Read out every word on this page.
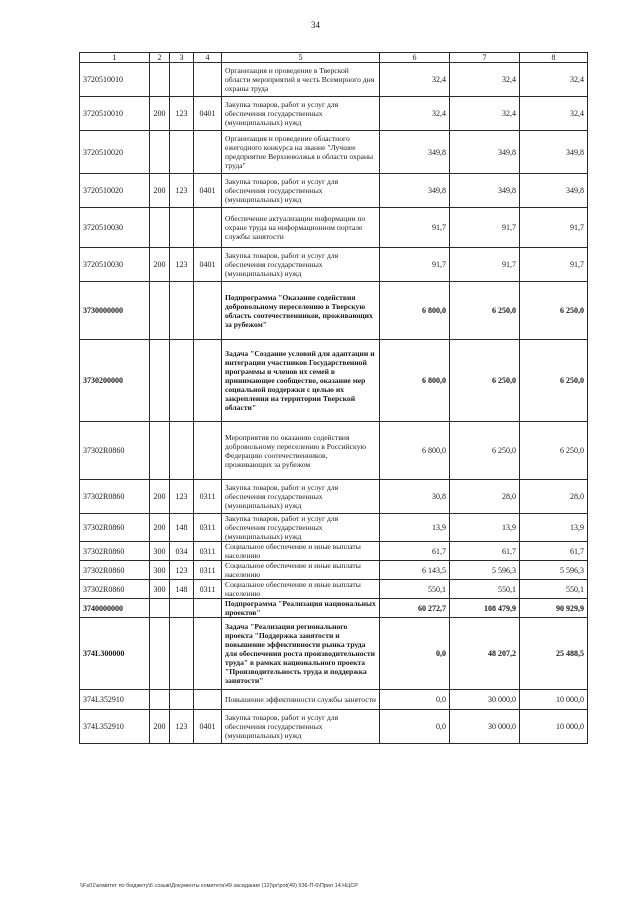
34
1	2	3	4	5	6	7	8
3720510010				Организация и проведение в Тверской области мероприятий в честь Всемирного дня охраны труда	32,4	32,4	32,4
3720510010	200	123	0401	Закупка товаров, работ и услуг для обеспечения государственных (муниципальных) нужд	32,4	32,4	32,4
3720510020				Организация и проведение областного ежегодного конкурса на звание "Лучшее предприятие Верхневолжья в области охраны труда"	349,8	349,8	349,8
3720510020	200	123	0401	Закупка товаров, работ и услуг для обеспечения государственных (муниципальных) нужд	349,8	349,8	349,8
3720510030				Обеспечение актуализации информации по охране труда на информационном портале службы занятости	91,7	91,7	91,7
3720510030	200	123	0401	Закупка товаров, работ и услуг для обеспечения государственных (муниципальных) нужд	91,7	91,7	91,7
3730000000				Подпрограмма "Оказание содействия добровольному переселению в Тверскую область соотечественников, проживающих за рубежом"	6 800,0	6 250,0	6 250,0
3730200000				Задача "Создание условий для адаптации и интеграции участников Государственной программы и членов их семей в принимающее сообщество, оказание мер социальной поддержки с целью их закрепления на территории Тверской области"	6 800,0	6 250,0	6 250,0
37302R0860				Мероприятия по оказанию содействия добровольному переселению в Российскую Федерацию соотечественников, проживающих за рубежом	6 800,0	6 250,0	6 250,0
37302R0860	200	123	0311	Закупка товаров, работ и услуг для обеспечения государственных (муниципальных) нужд	30,8	28,0	28,0
37302R0860	200	148	0311	Закупка товаров, работ и услуг для обеспечения государственных (муниципальных) нужд	13,9	13,9	13,9
37302R0860	300	034	0311	Социальное обеспечение и иные выплаты населению	61,7	61,7	61,7
37302R0860	300	123	0311	Социальное обеспечение и иные выплаты населению	6 143,5	5 596,3	5 596,3
37302R0860	300	148	0311	Социальное обеспечение и иные выплаты населению	550,1	550,1	550,1
3740000000				Подпрограмма "Реализация национальных проектов"	60 272,7	108 479,9	90 929,9
374L300000				Задача "Реализация регионального проекта "Поддержка занятости и повышение эффективности рынка труда для обеспечения роста производительности труда" в рамках национального проекта "Производительность труда и поддержка занятости"	0,0	48 207,2	25 488,5
374L352910				Повышение эффективности службы занятости	0,0	30 000,0	10 000,0
374L352910	200	123	0401	Закупка товаров, работ и услуг для обеспечения государственных (муниципальных) нужд	0,0	30 000,0	10 000,0
\\Fs01\комитет по бюджету\6 созыв\Документы комитета\49 заседание (12)\pr\pot(49) 936-П-6\Прил 14 НЦСР
